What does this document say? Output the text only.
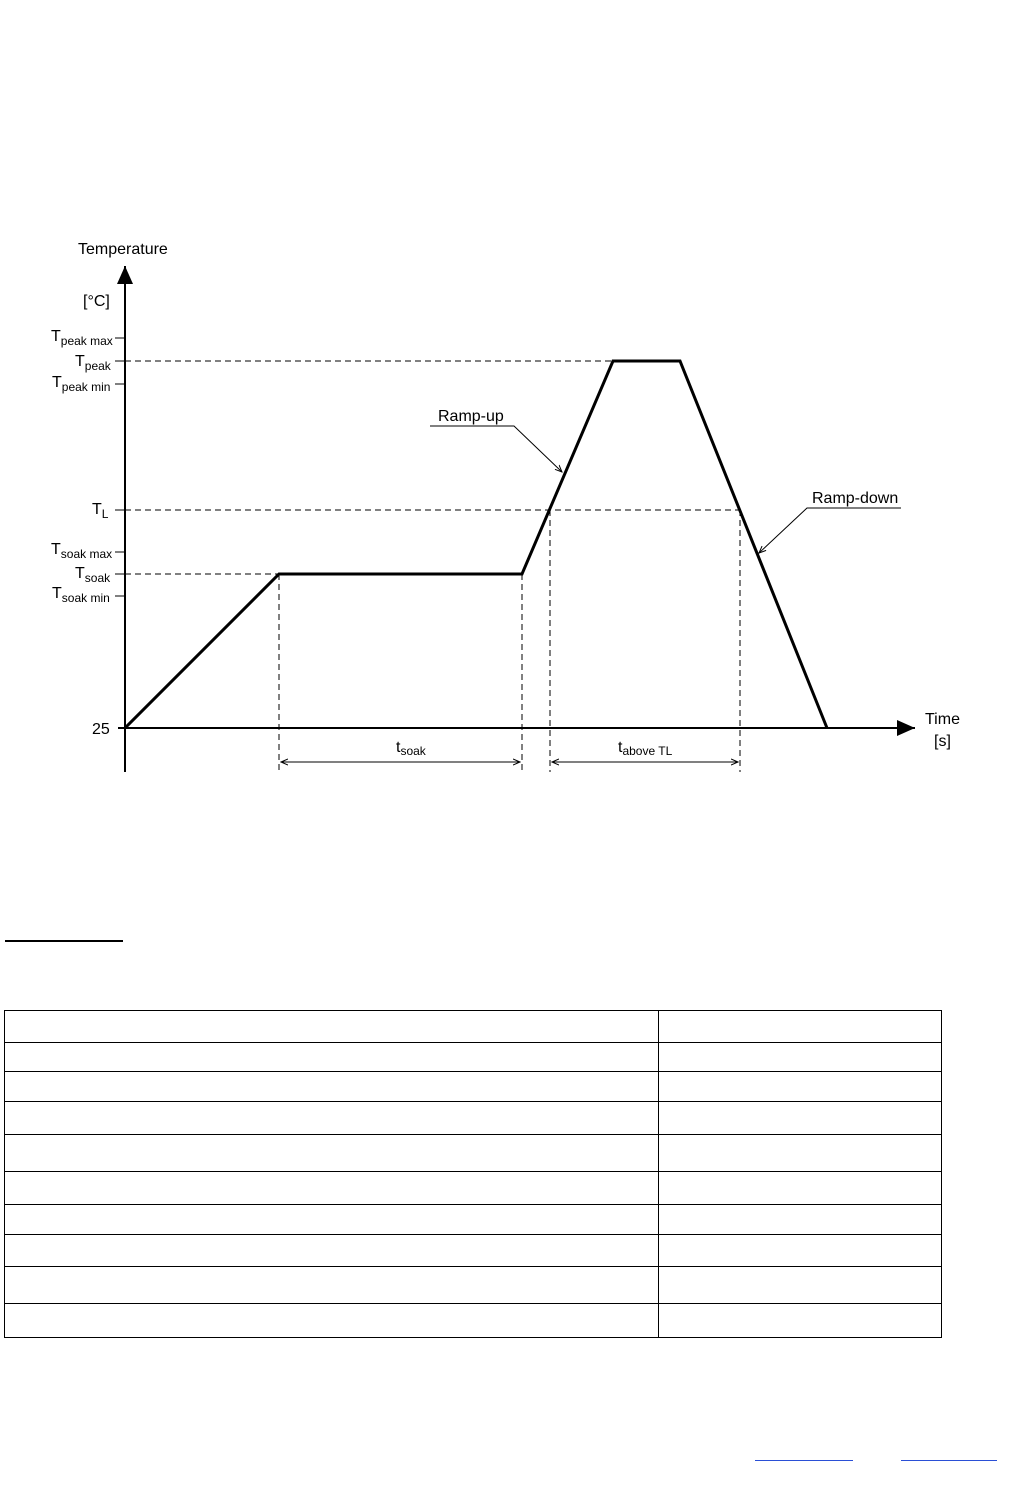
Temperature
[°C]
Time
[s]
$T_{peak max}$
$T_{peak}$
$T_{peak min}$
$T_L$
$T_{soak max}$
$T_{soak}$
$T_{soak min}$
25
tsoak	tabove TL
Ramp-up
Ramp-down
